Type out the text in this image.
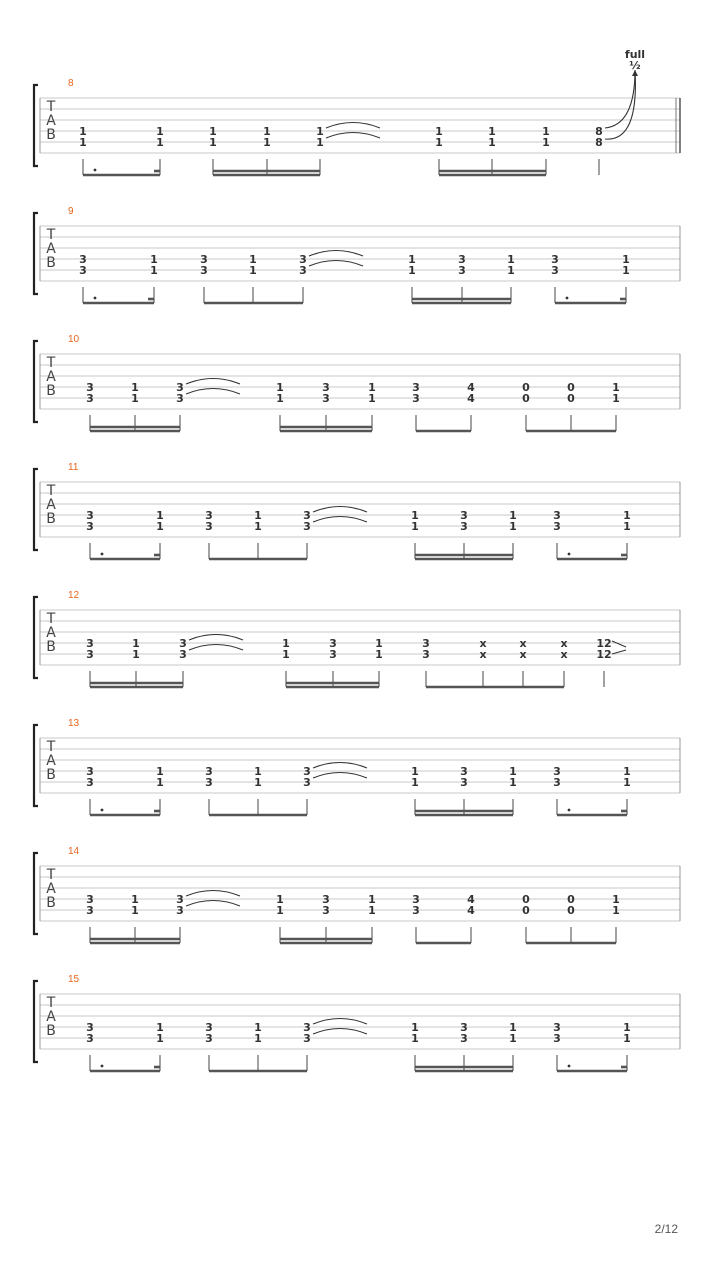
8
T
A
B 1
1
1
1
1
1
1
1
1
1
1
1
1
1
1
1
8
8
full
½
9
T
A
B 3
3
1
1
3
3
1
1
3
3
1
1
3
3
1
1
3
3
1
1
10
T
A
B	3
3
1
1
3
3
1
1
3
3
1
1
3
3
4
4
0
0
0
0
1
1
11
T
A
B	3
3
1
1
3
3
1
1
3
3
1
1
3
3
1
1
3
3
1
1
12
T
A
B	3
3
1
1
3
3
1
1
3
3
1
1
3
3
x
x
x
x
x
x
12
12
13
T
A
B	3
3
1
1
3
3
1
1
3
3
1
1
3
3
1
1
3
3
1
1
14
T
A
B	3
3
1
1
3
3
1
1
3
3
1
1
3
3
4
4
0
0
0
0
1
1
15
T
A
B	3
3
1
1
3
3
1
1
3
3
1
1
3
3
1
1
3
3
1
1
2/12
